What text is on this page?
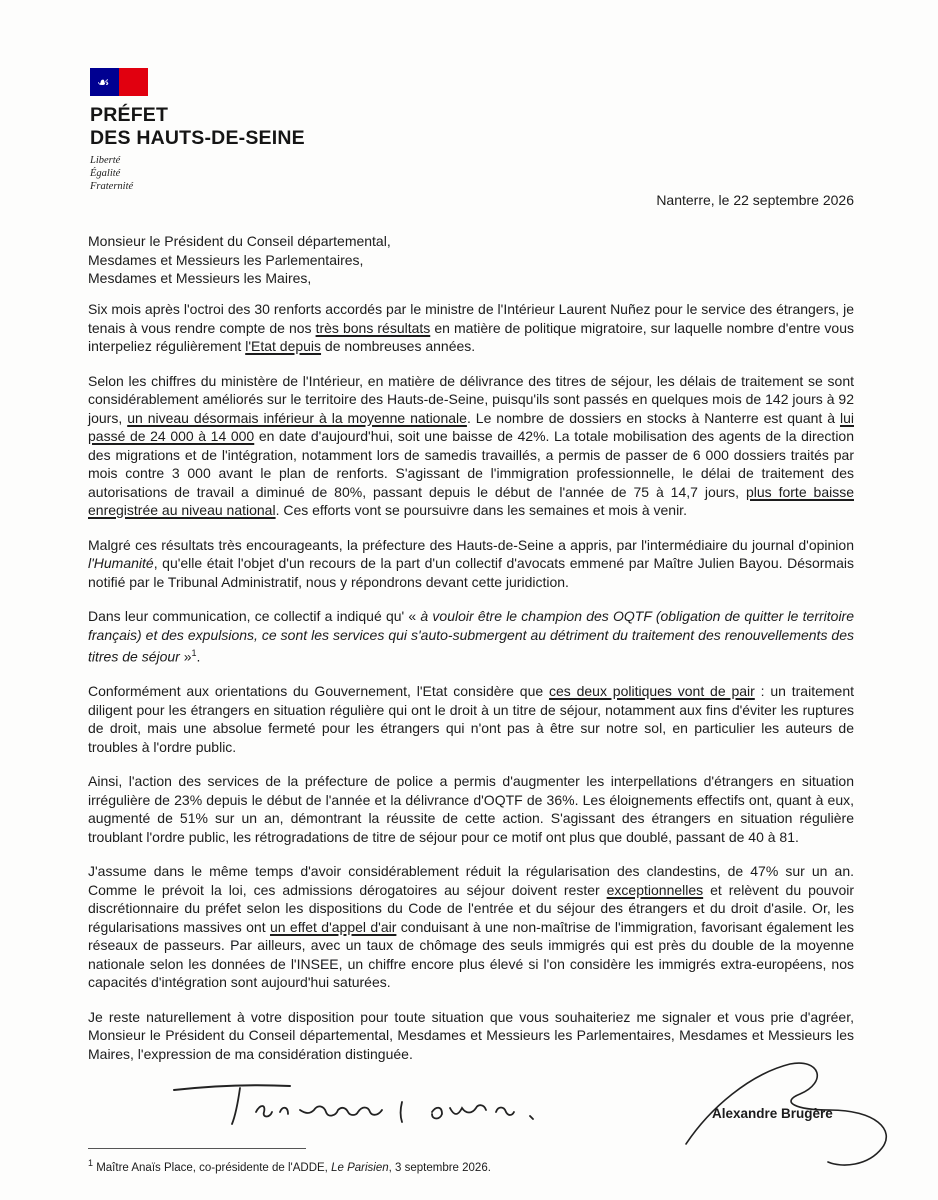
☙
PRÉFET
DES HAUTS-DE-SEINE
Liberté
Égalité
Fraternité
Nanterre, le 22 septembre 2026
Monsieur le Président du Conseil départemental,
Mesdames et Messieurs les Parlementaires,
Mesdames et Messieurs les Maires,

Six mois après l'octroi des 30 renforts accordés par le ministre de l'Intérieur Laurent Nuñez pour le service des étrangers, je tenais à vous rendre compte de nos très bons résultats en matière de politique migratoire, sur laquelle nombre d'entre vous interpeliez régulièrement l'Etat depuis de nombreuses années.

Selon les chiffres du ministère de l'Intérieur, en matière de délivrance des titres de séjour, les délais de traitement se sont considérablement améliorés sur le territoire des Hauts-de-Seine, puisqu'ils sont passés en quelques mois de 142 jours à 92 jours, un niveau désormais inférieur à la moyenne nationale. Le nombre de dossiers en stocks à Nanterre est quant à lui passé de 24 000 à 14 000 en date d'aujourd'hui, soit une baisse de 42%. La totale mobilisation des agents de la direction des migrations et de l'intégration, notamment lors de samedis travaillés, a permis de passer de 6 000 dossiers traités par mois contre 3 000 avant le plan de renforts. S'agissant de l'immigration professionnelle, le délai de traitement des autorisations de travail a diminué de 80%, passant depuis le début de l'année de 75 à 14,7 jours, plus forte baisse enregistrée au niveau national. Ces efforts vont se poursuivre dans les semaines et mois à venir.

Malgré ces résultats très encourageants, la préfecture des Hauts-de-Seine a appris, par l'intermédiaire du journal d'opinion l'Humanité, qu'elle était l'objet d'un recours de la part d'un collectif d'avocats emmené par Maître Julien Bayou. Désormais notifié par le Tribunal Administratif, nous y répondrons devant cette juridiction.

Dans leur communication, ce collectif a indiqué qu' « à vouloir être le champion des OQTF (obligation de quitter le territoire français) et des expulsions, ce sont les services qui s'auto-submergent au détriment du traitement des renouvellements des titres de séjour »$^1$.

Conformément aux orientations du Gouvernement, l'Etat considère que ces deux politiques vont de pair : un traitement diligent pour les étrangers en situation régulière qui ont le droit à un titre de séjour, notamment aux fins d'éviter les ruptures de droit, mais une absolue fermeté pour les étrangers qui n'ont pas à être sur notre sol, en particulier les auteurs de troubles à l'ordre public.

Ainsi, l'action des services de la préfecture de police a permis d'augmenter les interpellations d'étrangers en situation irrégulière de 23% depuis le début de l'année et la délivrance d'OQTF de 36%. Les éloignements effectifs ont, quant à eux, augmenté de 51% sur un an, démontrant la réussite de cette action. S'agissant des étrangers en situation régulière troublant l'ordre public, les rétrogradations de titre de séjour pour ce motif ont plus que doublé, passant de 40 à 81.

J'assume dans le même temps d'avoir considérablement réduit la régularisation des clandestins, de 47% sur un an. Comme le prévoit la loi, ces admissions dérogatoires au séjour doivent rester exceptionnelles et relèvent du pouvoir discrétionnaire du préfet selon les dispositions du Code de l'entrée et du séjour des étrangers et du droit d'asile. Or, les régularisations massives ont un effet d'appel d'air conduisant à une non-maîtrise de l'immigration, favorisant également les réseaux de passeurs. Par ailleurs, avec un taux de chômage des seuls immigrés qui est près du double de la moyenne nationale selon les données de l'INSEE, un chiffre encore plus élevé si l'on considère les immigrés extra-européens, nos capacités d'intégration sont aujourd'hui saturées.

Je reste naturellement à votre disposition pour toute situation que vous souhaiteriez me signaler et vous prie d'agréer, Monsieur le Président du Conseil départemental, Mesdames et Messieurs les Parlementaires, Mesdames et Messieurs les Maires, l'expression de ma considération distinguée.

Alexandre Brugère
$^1$ Maître Anaïs Place, co-présidente de l'ADDE, Le Parisien, 3 septembre 2026.
